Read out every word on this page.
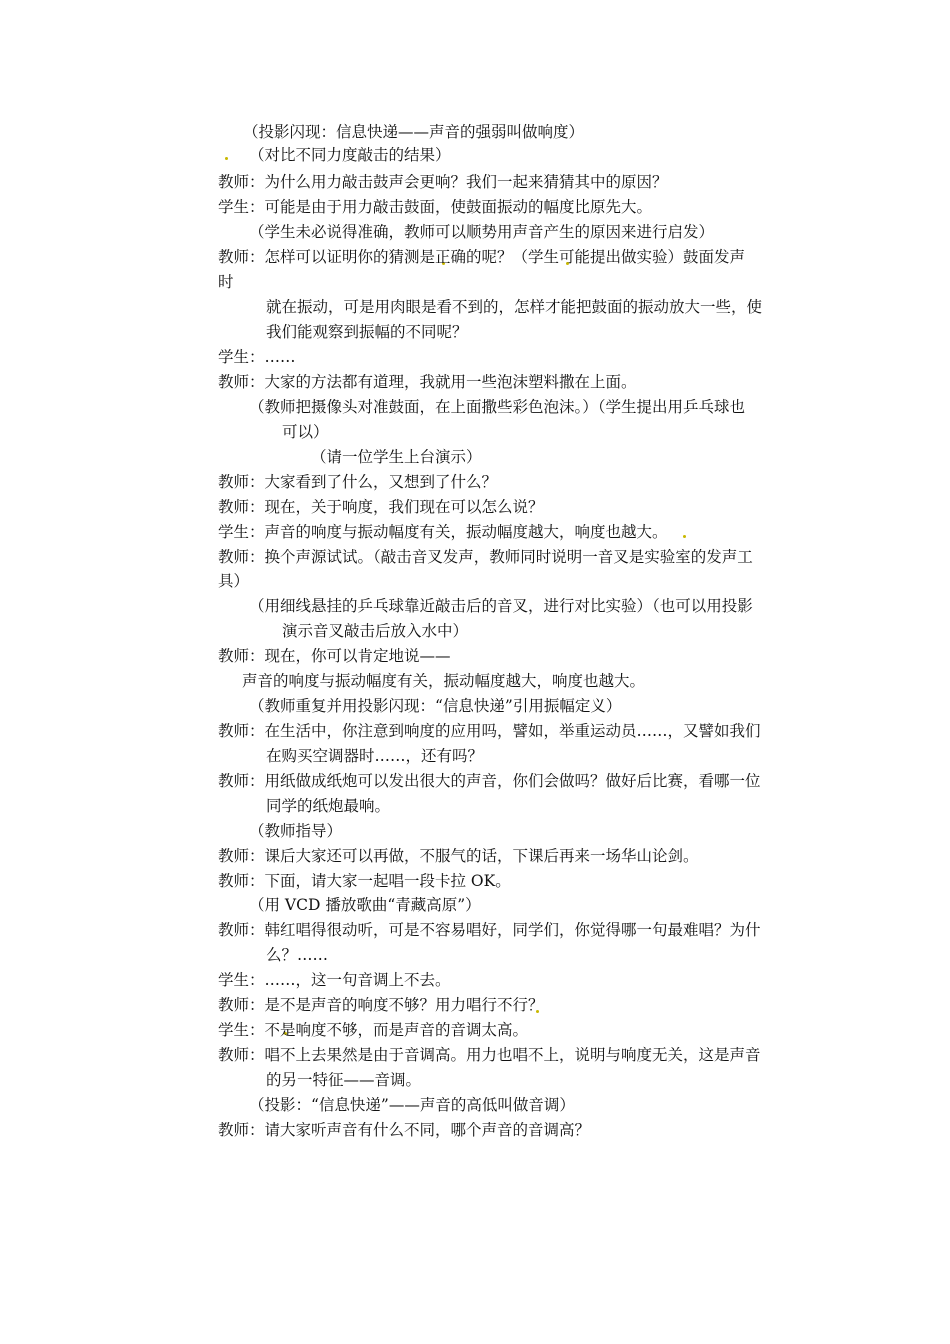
（投影闪现：信息快递——声音的强弱叫做响度）
（对比不同力度敲击的结果）
教师：为什么用力敲击鼓声会更响？我们一起来猜猜其中的原因？
学生：可能是由于用力敲击鼓面，使鼓面振动的幅度比原先大。
（学生未必说得准确，教师可以顺势用声音产生的原因来进行启发）
教师：怎样可以证明你的猜测是正确的呢？（学生可能提出做实验）鼓面发声
时
就在振动，可是用肉眼是看不到的，怎样才能把鼓面的振动放大一些，使
我们能观察到振幅的不同呢？
学生：……
教师：大家的方法都有道理，我就用一些泡沫塑料撒在上面。
（教师把摄像头对准鼓面，在上面撒些彩色泡沫。）（学生提出用乒乓球也
可以）
（请一位学生上台演示）
教师：大家看到了什么，又想到了什么？
教师：现在，关于响度，我们现在可以怎么说？
学生：声音的响度与振动幅度有关，振动幅度越大，响度也越大。
教师：换个声源试试。（敲击音叉发声，教师同时说明一音叉是实验室的发声工
具）
（用细线悬挂的乒乓球靠近敲击后的音叉，进行对比实验）（也可以用投影
演示音叉敲击后放入水中）
教师：现在，你可以肯定地说——
声音的响度与振动幅度有关，振动幅度越大，响度也越大。
（教师重复并用投影闪现：“信息快递”引用振幅定义）
教师：在生活中，你注意到响度的应用吗，譬如，举重运动员……，又譬如我们
在购买空调器时……，还有吗？
教师：用纸做成纸炮可以发出很大的声音，你们会做吗？做好后比赛，看哪一位
同学的纸炮最响。
（教师指导）
教师：课后大家还可以再做，不服气的话，下课后再来一场华山论剑。
教师：下面，请大家一起唱一段卡拉 OK。
（用 VCD 播放歌曲“青藏高原”）
教师：韩红唱得很动听，可是不容易唱好，同学们，你觉得哪一句最难唱？为什
么？……
学生：……，这一句音调上不去。
教师：是不是声音的响度不够？用力唱行不行？
学生：不是响度不够，而是声音的音调太高。
教师：唱不上去果然是由于音调高。用力也唱不上，说明与响度无关，这是声音
的另一特征——音调。
（投影：“信息快递”——声音的高低叫做音调）
教师：请大家听声音有什么不同，哪个声音的音调高？
